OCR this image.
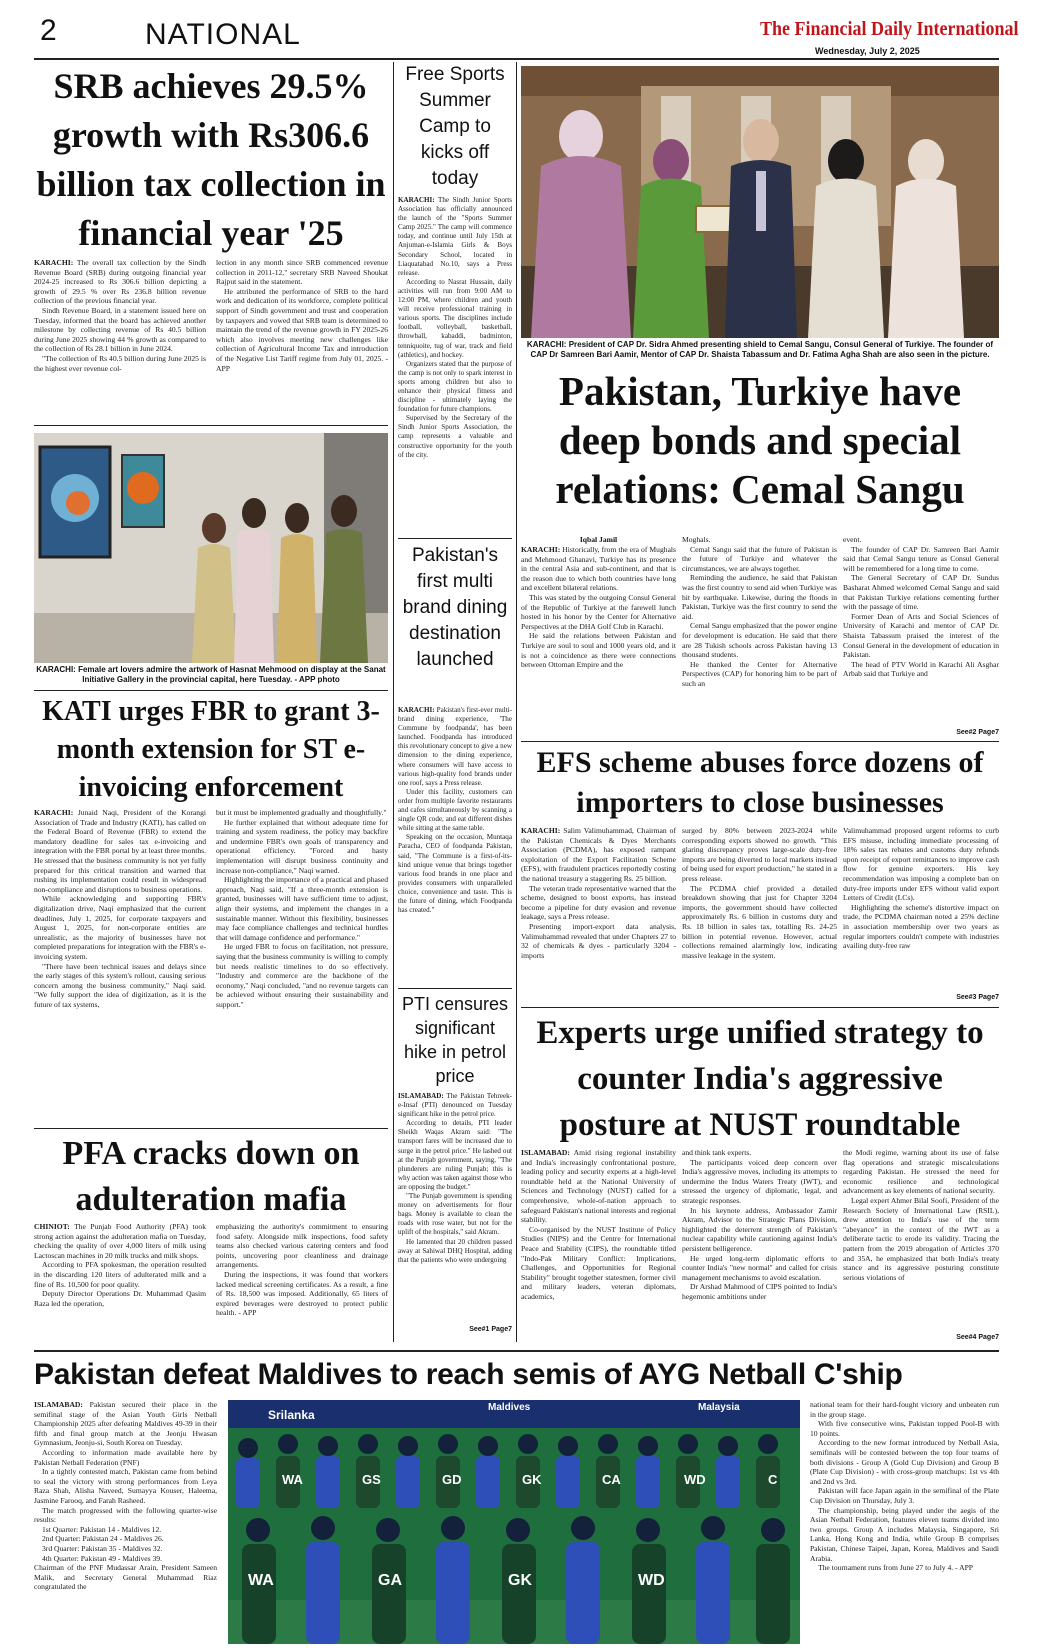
2	NATIONAL	The Financial Daily International
Wednesday, July 2, 2025
SRB achieves 29.5% growth with Rs306.6 billion tax collection in financial year '25

KARACHI: The overall tax collection by the Sindh Revenue Board (SRB) during outgoing financial year 2024-25 increased to Rs 306.6 billion depicting a growth of 29.5 % over Rs 236.8 billion revenue collection of the previous financial year.

Sindh Revenue Board, in a statement issued here on Tuesday, informed that the board has achieved another milestone by collecting revenue of Rs 40.5 billion during June 2025 showing 44 % growth as compared to the collection of Rs 28.1 billion in June 2024.

"The collection of Rs 40.5 billion during June 2025 is the highest ever revenue col-

lection in any month since SRB commenced revenue collection in 2011-12," secretary SRB Naveed Shoukat Rajput said in the statement.

He attributed the performance of SRB to the hard work and dedication of its workforce, complete political support of Sindh government and trust and cooperation by taxpayers and vowed that SRB team is determined to maintain the trend of the revenue growth in FY 2025-26 which also involves meeting new challenges like collection of Agricultural Income Tax and introduction of the Negative List Tariff regime from July 01, 2025. - APP

KARACHI: Female art lovers admire the artwork of Hasnat Mehmood on display at the Sanat Initiative Gallery in the provincial capital, here Tuesday. - APP photo
KATI urges FBR to grant 3-month extension for ST e-invoicing enforcement

KARACHI: Junaid Naqi, President of the Korangi Association of Trade and Industry (KATI), has called on the Federal Board of Revenue (FBR) to extend the mandatory deadline for sales tax e-invoicing and integration with the FBR portal by at least three months. He stressed that the business community is not yet fully prepared for this critical transition and warned that rushing its implementation could result in widespread non-compliance and disruptions to business operations.

While acknowledging and supporting FBR's digitalization drive, Naqi emphasized that the current deadlines, July 1, 2025, for corporate taxpayers and August 1, 2025, for non-corporate entities are unrealistic, as the majority of businesses have not completed preparations for integration with the FBR's e-invoicing system.

"There have been technical issues and delays since the early stages of this system's rollout, causing serious concern among the business community," Naqi said. "We fully support the idea of digitization, as it is the future of tax systems,

but it must be implemented gradually and thoughtfully."

He further explained that without adequate time for training and system readiness, the policy may backfire and undermine FBR's own goals of transparency and operational efficiency. "Forced and hasty implementation will disrupt business continuity and increase non-compliance," Naqi warned.

Highlighting the importance of a practical and phased approach, Naqi said, "If a three-month extension is granted, businesses will have sufficient time to adjust, align their systems, and implement the changes in a sustainable manner. Without this flexibility, businesses may face compliance challenges and technical hurdles that will damage confidence and performance."

He urged FBR to focus on facilitation, not pressure, saying that the business community is willing to comply but needs realistic timelines to do so effectively. "Industry and commerce are the backbone of the economy," Naqi concluded, "and no revenue targets can be achieved without ensuring their sustainability and support."

PFA cracks down on adulteration mafia

CHINIOT: The Punjab Food Authority (PFA) took strong action against the adulteration mafia on Tuesday, checking the quality of over 4,000 liters of milk using Lactoscan machines in 20 milk trucks and milk shops.

According to PFA spokesman, the operation resulted in the discarding 120 liters of adulterated milk and a fine of Rs. 10,500 for poor quality.

Deputy Director Operations Dr. Muhammad Qasim Raza led the operation,

emphasizing the authority's commitment to ensuring food safety. Alongside milk inspections, food safety teams also checked various catering centers and food points, uncovering poor cleanliness and drainage arrangements.

During the inspections, it was found that workers lacked medical screening certificates. As a result, a fine of Rs. 18,500 was imposed. Additionally, 65 liters of expired beverages were destroyed to protect public health. - APP

Free Sports Summer Camp to kicks off today

KARACHI: The Sindh Junior Sports Association has officially announced the launch of the "Sports Summer Camp 2025." The camp will commence today, and continue until July 15th at Anjuman-e-Islamia Girls & Boys Secondary School, located in Liaquatabad No.10, says a Press release.

According to Nasrat Hussain, daily activities will run from 9:00 AM to 12:00 PM, where children and youth will receive professional training in various sports. The disciplines include football, volleyball, basketball, throwball, kabaddi, badminton, tenniquoite, tug of war, track and field (athletics), and hockey.

Organizers stated that the purpose of the camp is not only to spark interest in sports among children but also to enhance their physical fitness and discipline - ultimately laying the foundation for future champions.

Supervised by the Secretary of the Sindh Junior Sports Association, the camp represents a valuable and constructive opportunity for the youth of the city.

Pakistan's first multi brand dining destination launched

KARACHI: Pakistan's first-ever multi-brand dining experience, 'The Commune by foodpanda', has been launched. Foodpanda has introduced this revolutionary concept to give a new dimension to the dining experience, where consumers will have access to various high-quality food brands under one roof, says a Press release.

Under this facility, customers can order from multiple favorite restaurants and cafes simultaneously by scanning a single QR code, and eat different dishes while sitting at the same table.

Speaking on the occasion, Muntaqa Paracha, CEO of foodpanda Pakistan, said, "The Commune is a first-of-its-kind unique venue that brings together various food brands in one place and provides consumers with unparalleled choice, convenience and taste. This is the future of dining, which Foodpanda has created."

PTI censures significant hike in petrol price

ISLAMABAD: The Pakistan Tehreek-e-Insaf (PTI) denounced on Tuesday significant hike in the petrol price.

According to details, PTI leader Sheikh Waqas Akram said: "The transport fares will be increased due to surge in the petrol price." He lashed out at the Punjab government, saying, "The plunderers are ruling Punjab; this is why action was taken against those who are opposing the budget."

"The Punjab government is spending money on advertisements for flour bags. Money is available to clean the roads with rose water, but not for the uplift of the hospitals," said Akram.

He lamented that 20 children passed away at Sahiwal DHQ Hospital, adding that the patients who were undergoing

See#1 Page7
KARACHI: President of CAP Dr. Sidra Ahmed presenting shield to Cemal Sangu, Consul General of Turkiye. The founder of CAP Dr Samreen Bari Aamir, Mentor of CAP Dr. Shaista Tabassum and Dr. Fatima Agha Shah are also seen in the picture.
Pakistan, Turkiye have deep bonds and special relations: Cemal Sangu
Iqbal Jamil

KARACHI: Historically, from the era of Mughals and Mehmood Ghanavi, Turkiye has its presence in the central Asia and sub-continent, and that is the reason due to which both countries have long and excellent bilateral relations.

This was stated by the outgoing Consul General of the Republic of Turkiye at the farewell lunch hosted in his honor by the Center for Alternative Perspectives at the DHA Golf Club in Karachi.

He said the relations between Pakistan and Turkiye are soul to soul and 1000 years old, and it is not a coincidence as there were connections between Ottoman Empire and the

Moghals.

Cemal Sangu said that the future of Pakistan is the future of Turkiye and whatever the circumstances, we are always together.

Reminding the audience, he said that Pakistan was the first country to send aid when Turkiye was hit by earthquake. Likewise, during the floods in Pakistan, Turkiye was the first country to send the aid.

Cemal Sangu emphasized that the power engine for development is education. He said that there are 28 Tukish schools across Pakistan having 13 thousand students.

He thanked the Center for Alternative Perspectives (CAP) for honoring him to be part of such an

event.

The founder of CAP Dr. Samreen Bari Aamir said that Cemal Sangu tenure as Consul General will be remembered for a long time to come.

The General Secretary of CAP Dr. Sundus Basharat Ahmed welcomed Cemal Sangu and said that Pakistan Turkiye relations cementing further with the passage of time.

Former Dean of Arts and Social Sciences of University of Karachi and mentor of CAP Dr. Shaista Tabassum praised the interest of the Consul General in the development of education in Pakistan.

The head of PTV World in Karachi Ali Asghar Arbab said that Turkiye and

See#2 Page7
EFS scheme abuses force dozens of importers to close businesses

KARACHI: Salim Valimuhammad, Chairman of the Pakistan Chemicals & Dyes Merchants Association (PCDMA), has exposed rampant exploitation of the Export Facilitation Scheme (EFS), with fraudulent practices reportedly costing the national treasury a staggering Rs. 25 billion.

The veteran trade representative warned that the scheme, designed to boost exports, has instead become a pipeline for duty evasion and revenue leakage, says a Press release.

Presenting import-export data analysis, Valimuhammad revealed that under Chapters 27 to 32 of chemicals & dyes - particularly 3204 - imports

surged by 80% between 2023-2024 while corresponding exports showed no growth. "This glaring discrepancy proves large-scale duty-free imports are being diverted to local markets instead of being used for export production," he stated in a press release.

The PCDMA chief provided a detailed breakdown showing that just for Chapter 3204 imports, the government should have collected approximately Rs. 6 billion in customs duty and Rs. 18 billion in sales tax, totalling Rs. 24-25 billion in potential revenue. However, actual collections remained alarmingly low, indicating massive leakage in the system.

Valimuhammad proposed urgent reforms to curb EFS misuse, including immediate processing of 18% sales tax rebates and customs duty refunds upon receipt of export remittances to improve cash flow for genuine exporters. His key recommendation was imposing a complete ban on duty-free imports under EFS without valid export Letters of Credit (LCs).

Highlighting the scheme's distortive impact on trade, the PCDMA chairman noted a 25% decline in association membership over two years as regular importers couldn't compete with industries availing duty-free raw

See#3 Page7
Experts urge unified strategy to counter India's aggressive posture at NUST roundtable

ISLAMABAD: Amid rising regional instability and India's increasingly confrontational posture, leading policy and security experts at a high-level roundtable held at the National University of Sciences and Technology (NUST) called for a comprehensive, whole-of-nation approach to safeguard Pakistan's national interests and regional stability.

Co-organised by the NUST Institute of Policy Studies (NIPS) and the Centre for International Peace and Stability (CIPS), the roundtable titled "Indo-Pak Military Conflict: Implications, Challenges, and Opportunities for Regional Stability" brought together statesmen, former civil and military leaders, veteran diplomats, academics,

and think tank experts.

The participants voiced deep concern over India's aggressive moves, including its attempts to undermine the Indus Waters Treaty (IWT), and stressed the urgency of diplomatic, legal, and strategic responses.

In his keynote address, Ambassador Zamir Akram, Advisor to the Strategic Plans Division, highlighted the deterrent strength of Pakistan's nuclear capability while cautioning against India's persistent belligerence.

He urged long-term diplomatic efforts to counter India's "new normal" and called for crisis management mechanisms to avoid escalation.

Dr Arshad Mahmood of CIPS pointed to India's hegemonic ambitions under

the Modi regime, warning about its use of false flag operations and strategic miscalculations regarding Pakistan. He stressed the need for economic resilience and technological advancement as key elements of national security.

Legal expert Ahmer Bilal Soofi, President of the Research Society of International Law (RSIL), drew attention to India's use of the term "abeyance" in the context of the IWT as a deliberate tactic to erode its validity. Tracing the pattern from the 2019 abrogation of Articles 370 and 35A, he emphasized that both India's treaty stance and its aggressive posturing constitute serious violations of

See#4 Page7
Pakistan defeat Maldives to reach semis of AYG Netball C'ship

ISLAMABAD: Pakistan secured their place in the semifinal stage of the Asian Youth Girls Netball Championship 2025 after defeating Maldives 49-39 in their fifth and final group match at the Jeonju Hwasan Gymnasium, Jeonju-si, South Korea on Tuesday.

According to information made available here by Pakistan Netball Federation (PNF)

In a tightly contested match, Pakistan came from behind to seal the victory with strong performances from Leya Raza Shah, Alisha Naveed, Sumayya Kouser, Haleema, Jasmine Farooq, and Farah Rasheed.

The match progressed with the following quarter-wise results:

1st Quarter: Pakistan 14 - Maldives 12.

2nd Quarter: Pakistan 24 - Maldives 26.

3rd Quarter: Pakistan 35 - Maldives 32.

4th Quarter: Pakistan 49 - Maldives 39.

Chairman of the PNF Mudassar Arain, President Sameen Malik, and Secretary General Muhammad Riaz congratulated the

Srilanka
Maldives	Malaysia
WA	GD	GK	CA	WD
GS	C
WA	GA	WD
GK

national team for their hard-fought victory and unbeaten run in the group stage.

With five consecutive wins, Pakistan topped Pool-B with 10 points.

According to the new format introduced by Netball Asia, semifinals will be contested between the top four teams of both divisions - Group A (Gold Cup Division) and Group B (Plate Cup Division) - with cross-group matchups: 1st vs 4th and 2nd vs 3rd.

Pakistan will face Japan again in the semifinal of the Plate Cup Division on Thursday, July 3.

The championship, being played under the aegis of the Asian Netball Federation, features eleven teams divided into two groups. Group A includes Malaysia, Singapore, Sri Lanka, Hong Kong and India, while Group B comprises Pakistan, Chinese Taipei, Japan, Korea, Maldives and Saudi Arabia.

The tournament runs from June 27 to July 4. - APP
